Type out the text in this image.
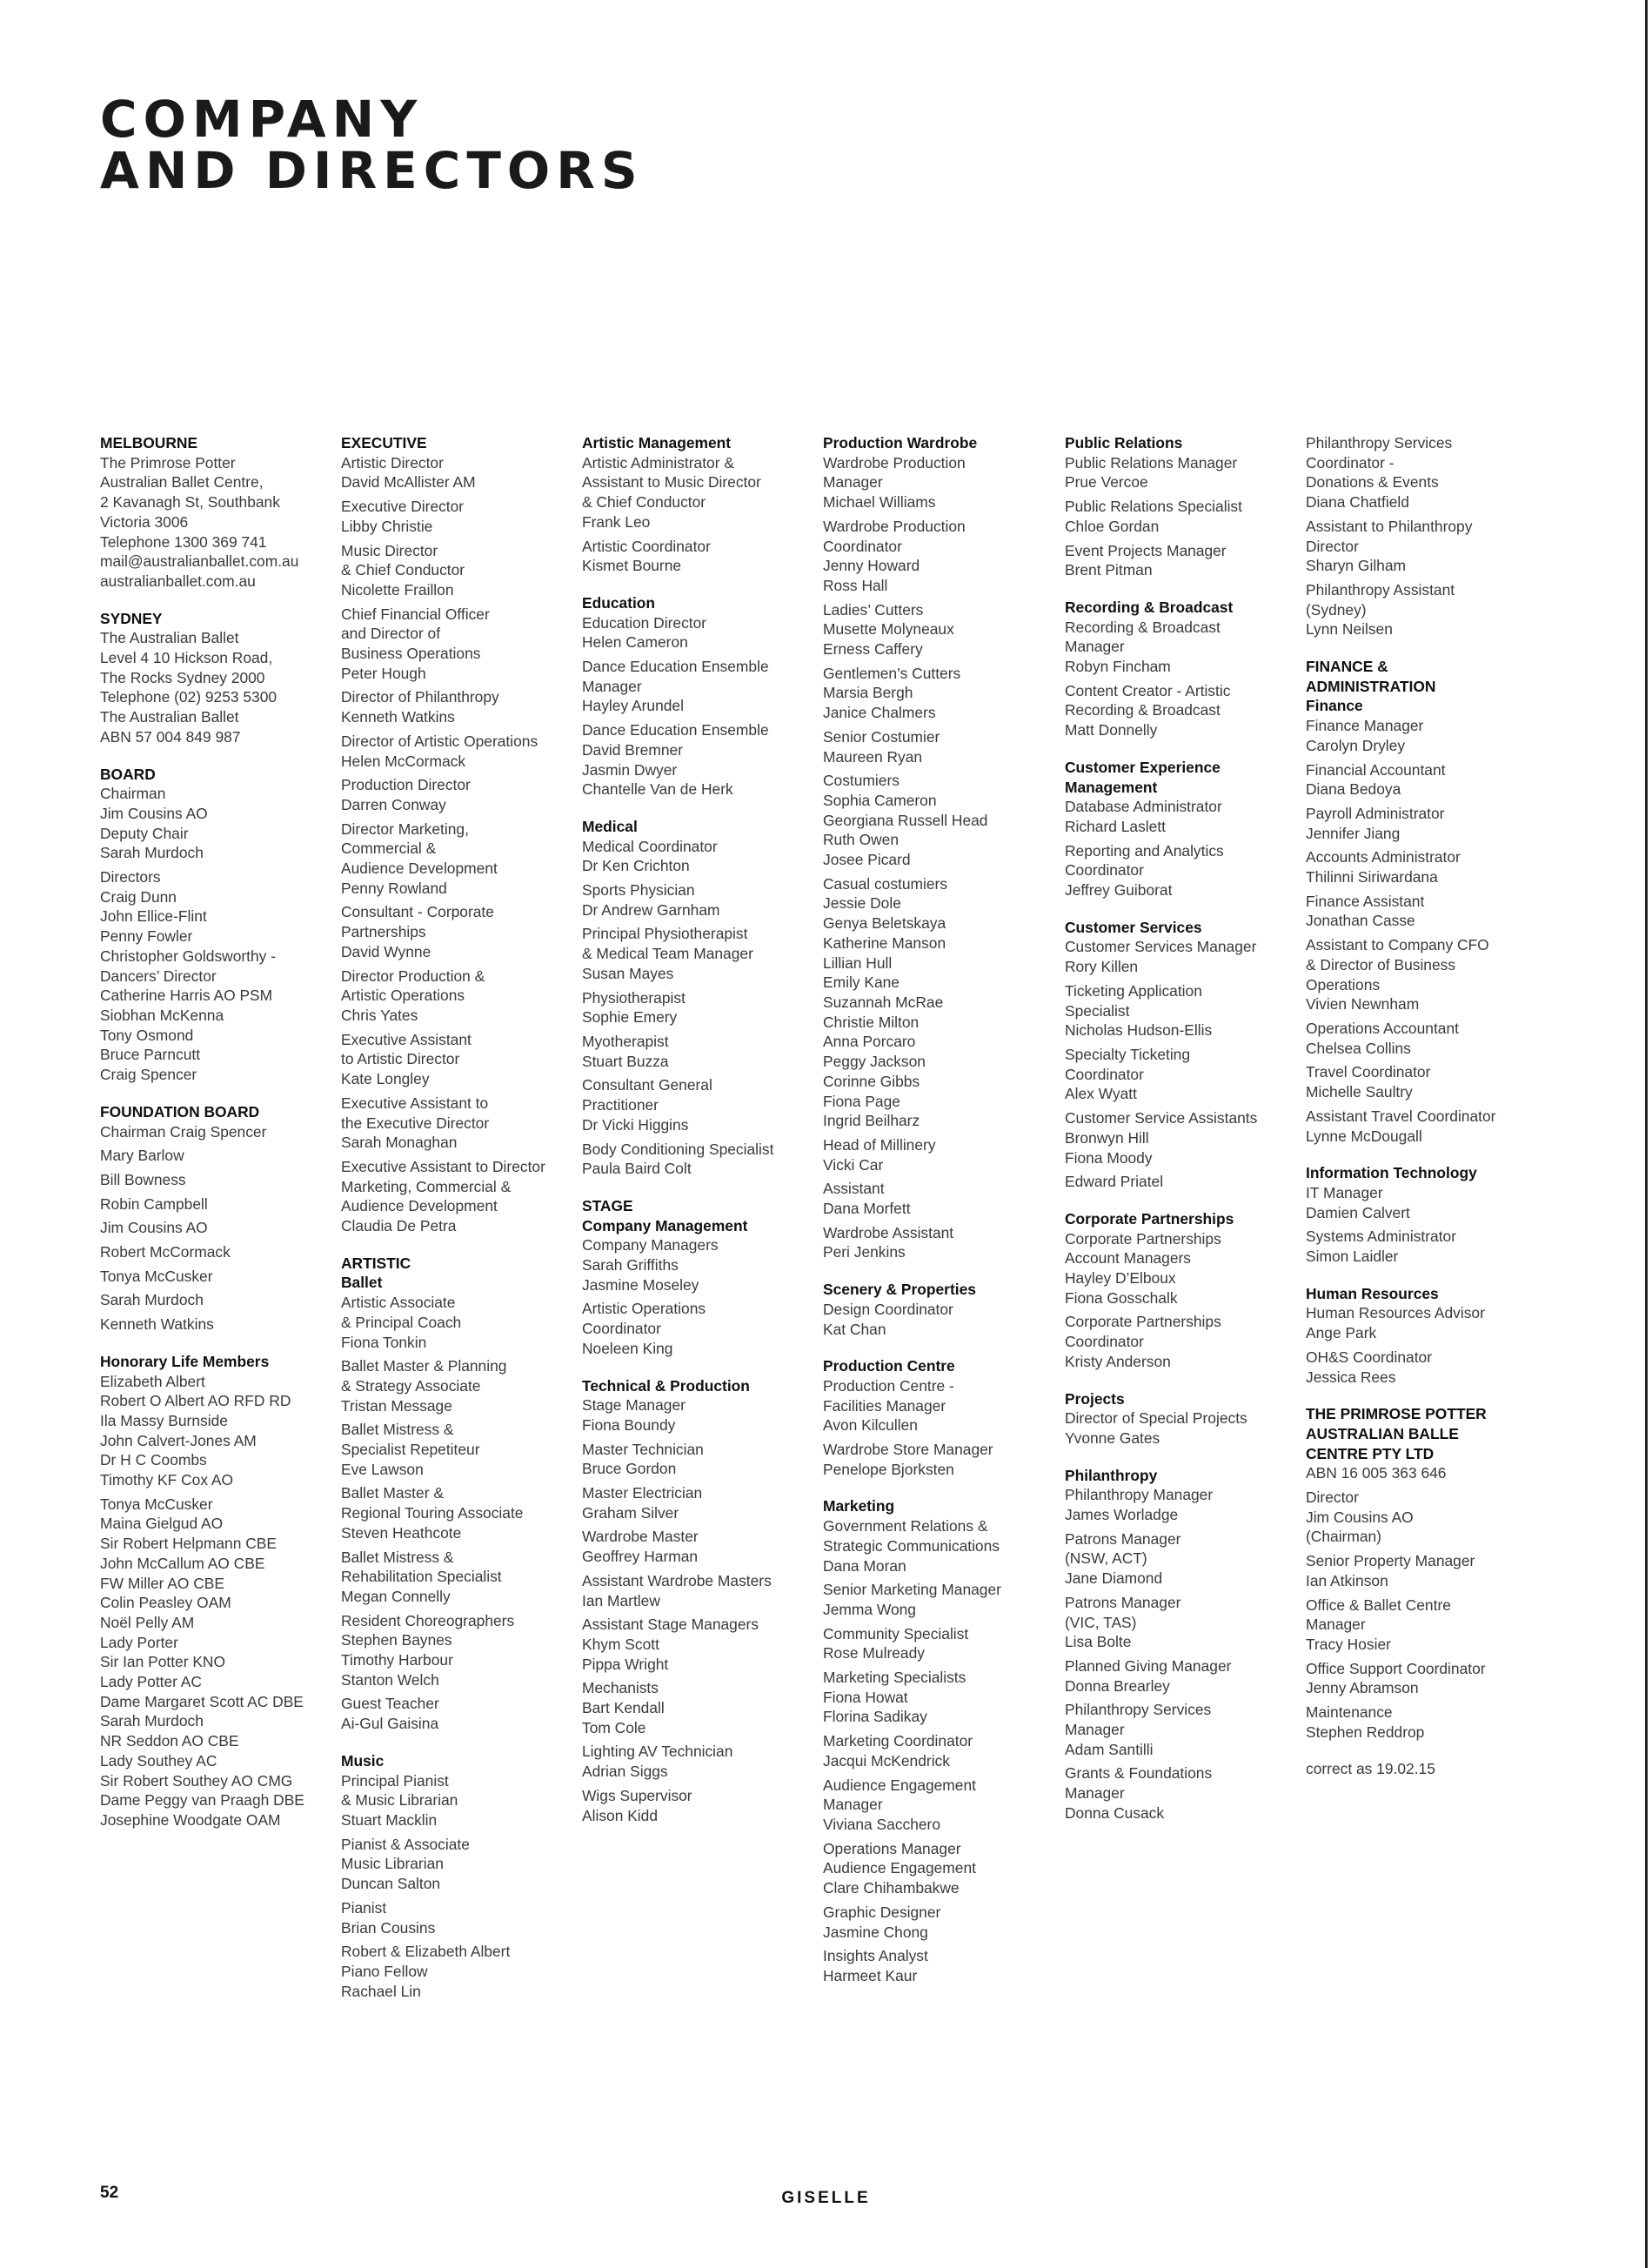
COMPANY
AND DIRECTORS
MELBOURNE
The Primrose Potter
Australian Ballet Centre,
2 Kavanagh St, Southbank
Victoria 3006
Telephone 1300 369 741
mail@australianballet.com.au
australianballet.com.au
SYDNEY
The Australian Ballet
Level 4 10 Hickson Road,
The Rocks Sydney 2000
Telephone (02) 9253 5300
The Australian Ballet
ABN 57 004 849 987
BOARD
Chairman
Jim Cousins AO
Deputy Chair
Sarah Murdoch
Directors
Craig Dunn
John Ellice-Flint
Penny Fowler
Christopher Goldsworthy -
Dancers’ Director
Catherine Harris AO PSM
Siobhan McKenna
Tony Osmond
Bruce Parncutt
Craig Spencer
FOUNDATION BOARD
Chairman Craig Spencer
Mary Barlow
Bill Bowness
Robin Campbell
Jim Cousins AO
Robert McCormack
Tonya McCusker
Sarah Murdoch
Kenneth Watkins
Honorary Life Members
Elizabeth Albert
Robert O Albert AO RFD RD
Ila Massy Burnside
John Calvert-Jones AM
Dr H C Coombs
Timothy KF Cox AO
Tonya McCusker
Maina Gielgud AO
Sir Robert Helpmann CBE
John McCallum AO CBE
FW Miller AO CBE
Colin Peasley OAM
Noël Pelly AM
Lady Porter
Sir Ian Potter KNO
Lady Potter AC
Dame Margaret Scott AC DBE
Sarah Murdoch
NR Seddon AO CBE
Lady Southey AC
Sir Robert Southey AO CMG
Dame Peggy van Praagh DBE
Josephine Woodgate OAM
EXECUTIVE
Artistic Director
David McAllister AM
Executive Director
Libby Christie
Music Director
& Chief Conductor
Nicolette Fraillon
Chief Financial Officer
and Director of
Business Operations
Peter Hough
Director of Philanthropy
Kenneth Watkins
Director of Artistic Operations
Helen McCormack
Production Director
Darren Conway
Director Marketing,
Commercial &
Audience Development
Penny Rowland
Consultant - Corporate
Partnerships
David Wynne
Director Production &
Artistic Operations
Chris Yates
Executive Assistant
to Artistic Director
Kate Longley
Executive Assistant to
the Executive Director
Sarah Monaghan
Executive Assistant to Director
Marketing, Commercial &
Audience Development
Claudia De Petra
ARTISTIC
Ballet
Artistic Associate
& Principal Coach
Fiona Tonkin
Ballet Master & Planning
& Strategy Associate
Tristan Message
Ballet Mistress &
Specialist Repetiteur
Eve Lawson
Ballet Master &
Regional Touring Associate
Steven Heathcote
Ballet Mistress &
Rehabilitation Specialist
Megan Connelly
Resident Choreographers
Stephen Baynes
Timothy Harbour
Stanton Welch
Guest Teacher
Ai-Gul Gaisina
Music
Principal Pianist
& Music Librarian
Stuart Macklin
Pianist & Associate
Music Librarian
Duncan Salton
Pianist
Brian Cousins
Robert & Elizabeth Albert
Piano Fellow
Rachael Lin
Artistic Management
Artistic Administrator &
Assistant to Music Director
& Chief Conductor
Frank Leo
Artistic Coordinator
Kismet Bourne
Education
Education Director
Helen Cameron
Dance Education Ensemble
Manager
Hayley Arundel
Dance Education Ensemble
David Bremner
Jasmin Dwyer
Chantelle Van de Herk
Medical
Medical Coordinator
Dr Ken Crichton
Sports Physician
Dr Andrew Garnham
Principal Physiotherapist
& Medical Team Manager
Susan Mayes
Physiotherapist
Sophie Emery
Myotherapist
Stuart Buzza
Consultant General
Practitioner
Dr Vicki Higgins
Body Conditioning Specialist
Paula Baird Colt
STAGE
Company Management
Company Managers
Sarah Griffiths
Jasmine Moseley
Artistic Operations
Coordinator
Noeleen King
Technical & Production
Stage Manager
Fiona Boundy
Master Technician
Bruce Gordon
Master Electrician
Graham Silver
Wardrobe Master
Geoffrey Harman
Assistant Wardrobe Masters
Ian Martlew
Assistant Stage Managers
Khym Scott
Pippa Wright
Mechanists
Bart Kendall
Tom Cole
Lighting AV Technician
Adrian Siggs
Wigs Supervisor
Alison Kidd
Production Wardrobe
Wardrobe Production
Manager
Michael Williams
Wardrobe Production
Coordinator
Jenny Howard
Ross Hall
Ladies’ Cutters
Musette Molyneaux
Erness Caffery
Gentlemen’s Cutters
Marsia Bergh
Janice Chalmers
Senior Costumier
Maureen Ryan
Costumiers
Sophia Cameron
Georgiana Russell Head
Ruth Owen
Josee Picard
Casual costumiers
Jessie Dole
Genya Beletskaya
Katherine Manson
Lillian Hull
Emily Kane
Suzannah McRae
Christie Milton
Anna Porcaro
Peggy Jackson
Corinne Gibbs
Fiona Page
Ingrid Beilharz
Head of Millinery
Vicki Car
Assistant
Dana Morfett
Wardrobe Assistant
Peri Jenkins
Scenery & Properties
Design Coordinator
Kat Chan
Production Centre
Production Centre -
Facilities Manager
Avon Kilcullen
Wardrobe Store Manager
Penelope Bjorksten
Marketing
Government Relations &
Strategic Communications
Dana Moran
Senior Marketing Manager
Jemma Wong
Community Specialist
Rose Mulready
Marketing Specialists
Fiona Howat
Florina Sadikay
Marketing Coordinator
Jacqui McKendrick
Audience Engagement
Manager
Viviana Sacchero
Operations Manager
Audience Engagement
Clare Chihambakwe
Graphic Designer
Jasmine Chong
Insights Analyst
Harmeet Kaur
Public Relations
Public Relations Manager
Prue Vercoe
Public Relations Specialist
Chloe Gordan
Event Projects Manager
Brent Pitman
Recording & Broadcast
Recording & Broadcast
Manager
Robyn Fincham
Content Creator - Artistic
Recording & Broadcast
Matt Donnelly
Customer Experience
Management
Database Administrator
Richard Laslett
Reporting and Analytics
Coordinator
Jeffrey Guiborat
Customer Services
Customer Services Manager
Rory Killen
Ticketing Application
Specialist
Nicholas Hudson-Ellis
Specialty Ticketing
Coordinator
Alex Wyatt
Customer Service Assistants
Bronwyn Hill
Fiona Moody
Edward Priatel
Corporate Partnerships
Corporate Partnerships
Account Managers
Hayley D’Elboux
Fiona Gosschalk
Corporate Partnerships
Coordinator
Kristy Anderson
Projects
Director of Special Projects
Yvonne Gates
Philanthropy
Philanthropy Manager
James Worladge
Patrons Manager
(NSW, ACT)
Jane Diamond
Patrons Manager
(VIC, TAS)
Lisa Bolte
Planned Giving Manager
Donna Brearley
Philanthropy Services
Manager
Adam Santilli
Grants & Foundations
Manager
Donna Cusack
Philanthropy Services
Coordinator -
Donations & Events
Diana Chatfield
Assistant to Philanthropy
Director
Sharyn Gilham
Philanthropy Assistant
(Sydney)
Lynn Neilsen
FINANCE &
ADMINISTRATION
Finance
Finance Manager
Carolyn Dryley
Financial Accountant
Diana Bedoya
Payroll Administrator
Jennifer Jiang
Accounts Administrator
Thilinni Siriwardana
Finance Assistant
Jonathan Casse
Assistant to Company CFO
& Director of Business
Operations
Vivien Newnham
Operations Accountant
Chelsea Collins
Travel Coordinator
Michelle Saultry
Assistant Travel Coordinator
Lynne McDougall
Information Technology
IT Manager
Damien Calvert
Systems Administrator
Simon Laidler
Human Resources
Human Resources Advisor
Ange Park
OH&S Coordinator
Jessica Rees
THE PRIMROSE POTTER
AUSTRALIAN BALLE
CENTRE PTY LTD
ABN 16 005 363 646
Director
Jim Cousins AO
(Chairman)
Senior Property Manager
Ian Atkinson
Office & Ballet Centre
Manager
Tracy Hosier
Office Support Coordinator
Jenny Abramson
Maintenance
Stephen Reddrop
correct as 19.02.15
52	GISELLE
